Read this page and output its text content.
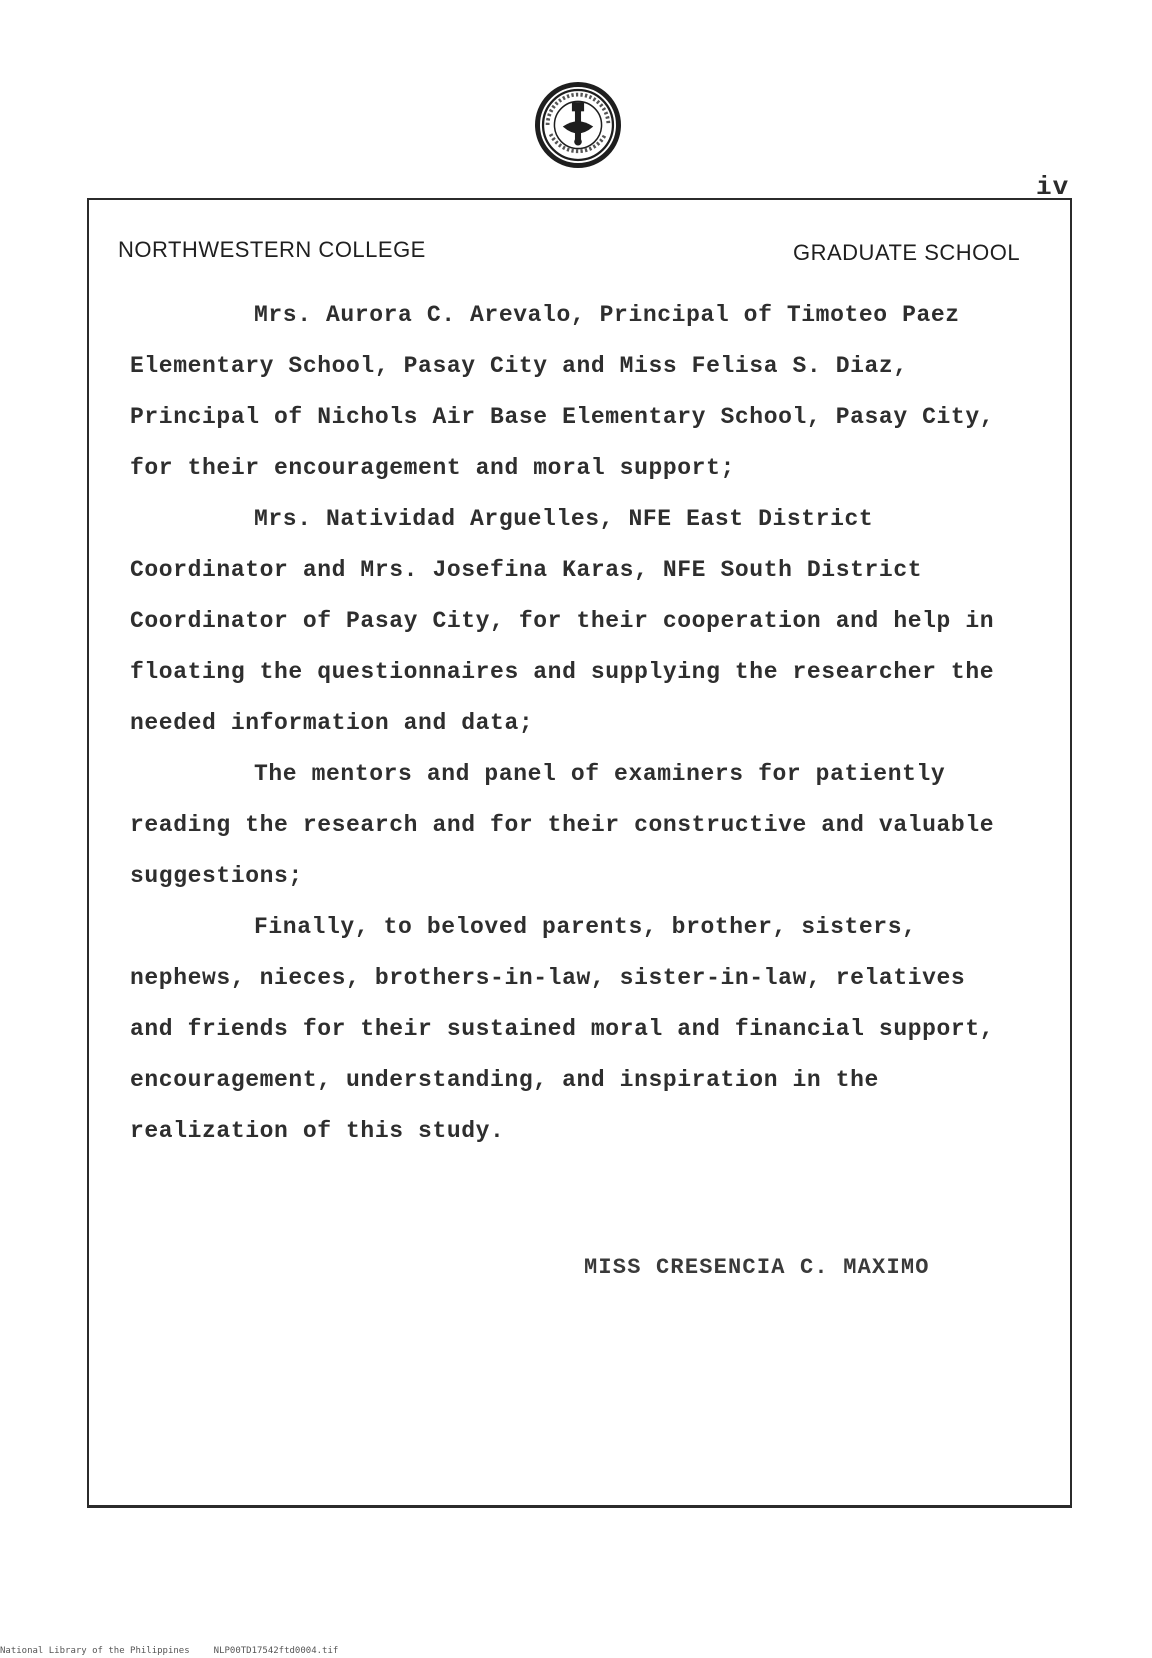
iv
NORTHWESTERN COLLEGE	GRADUATE SCHOOL

Mrs. Aurora C. Arevalo, Principal of Timoteo Paez Elementary School, Pasay City and Miss Felisa S. Diaz, Principal of Nichols Air Base Elementary School, Pasay City, for their encouragement and moral support;

Mrs. Natividad Arguelles, NFE East District Coordinator and Mrs. Josefina Karas, NFE South District Coordinator of Pasay City, for their cooperation and help in floating the questionnaires and supplying the researcher the needed information and data;

The mentors and panel of examiners for patiently reading the research and for their constructive and valuable suggestions;

Finally, to beloved parents, brother, sisters, nephews, nieces, brothers-in-law, sister-in-law, relatives and friends for their sustained moral and financial support, encouragement, understanding, and inspiration in the realization of this study.

MISS CRESENCIA C. MAXIMO
National Library of the Philippines	NLP00TD17542ftd0004.tif
